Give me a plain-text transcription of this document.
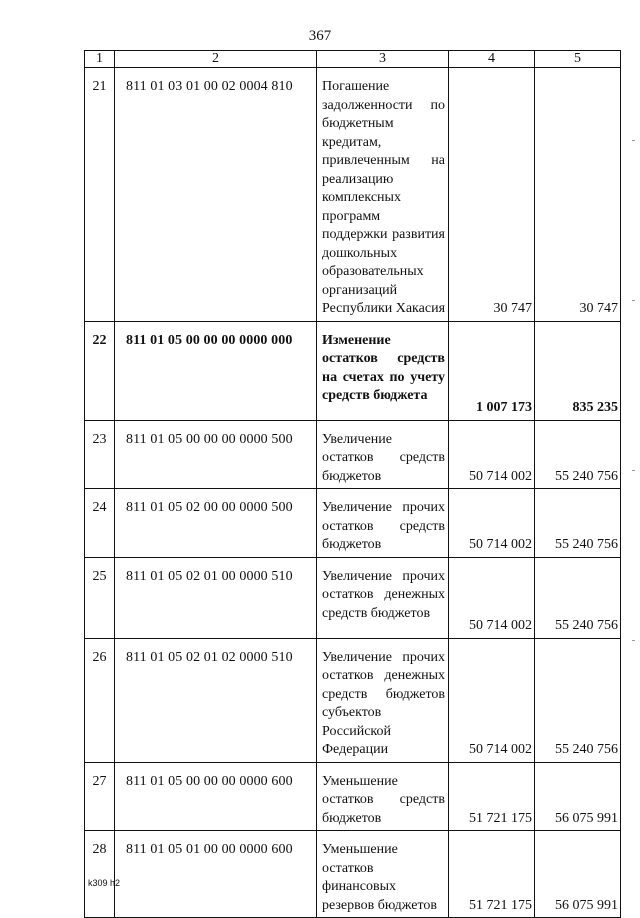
367
1	2	3	4	5
21	811 01 03 01 00 02 0004 810	Погашение задолженности по бюджетным кредитам, привлеченным на реализацию комплексных программ поддержки развития дошкольных образовательных организаций Республики Хакасия	30 747	30 747
22	811 01 05 00 00 00 0000 000	Изменение остатков средств на счетах по учету средств бюджета	1 007 173	835 235
23	811 01 05 00 00 00 0000 500	Увеличение остатков средств бюджетов	50 714 002	55 240 756
24	811 01 05 02 00 00 0000 500	Увеличение прочих остатков средств бюджетов	50 714 002	55 240 756
25	811 01 05 02 01 00 0000 510	Увеличение прочих остатков денежных средств бюджетов	50 714 002	55 240 756
26	811 01 05 02 01 02 0000 510	Увеличение прочих остатков денежных средств бюджетов субъектов Российской Федерации	50 714 002	55 240 756
27	811 01 05 00 00 00 0000 600	Уменьшение остатков средств бюджетов	51 721 175	56 075 991
28	811 01 05 01 00 00 0000 600	Уменьшение остатков финансовых резервов бюджетов	51 721 175	56 075 991
k309 h2
